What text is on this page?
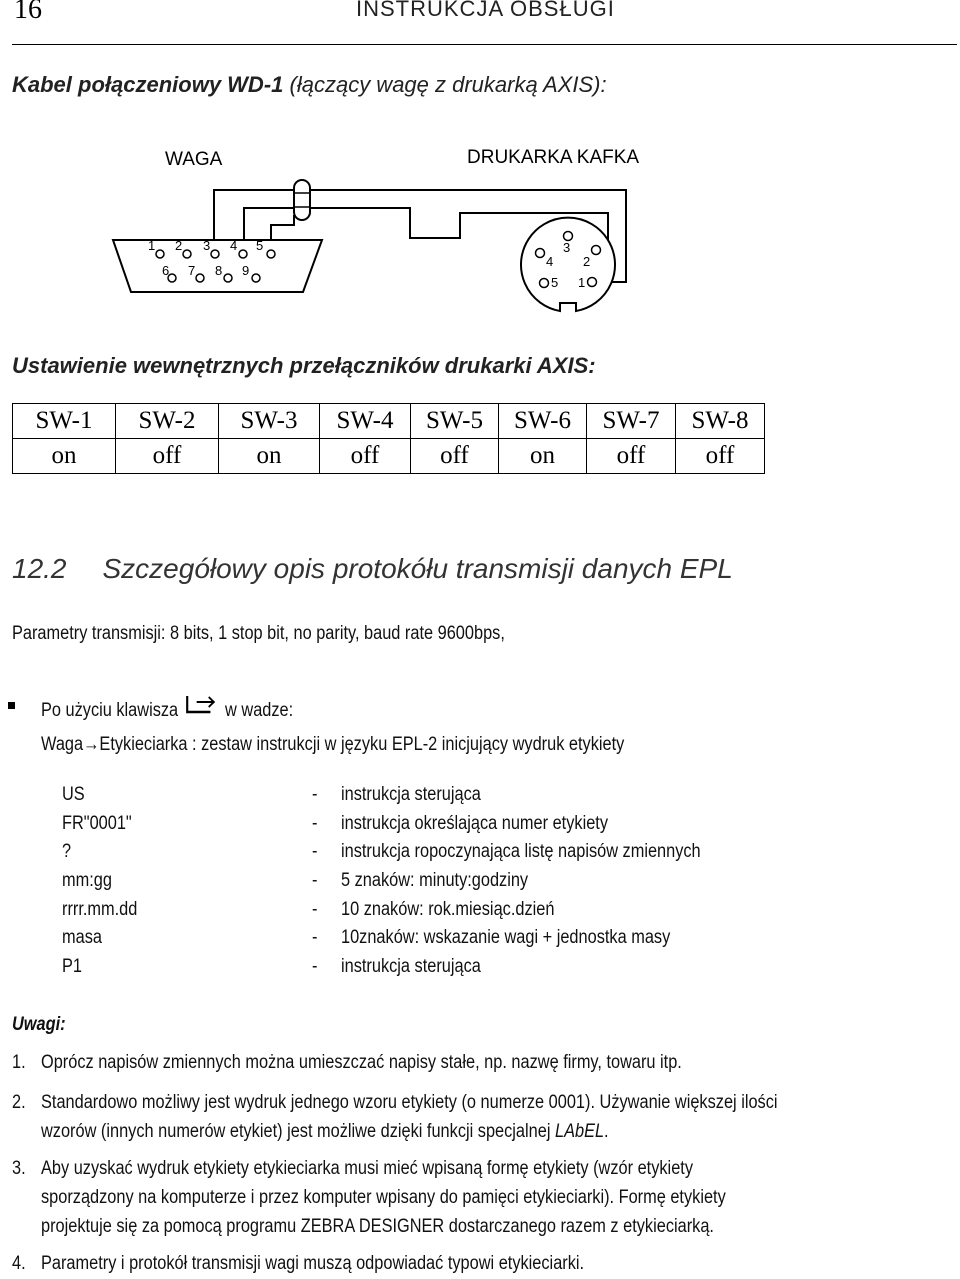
16	INSTRUKCJA OBSŁUGI
Kabel połączeniowy WD-1 (łączący wagę z drukarką AXIS):
WAGA	DRUKARKA KAFKA
1 2 3 4 5
6 7 8 9
3
4 2
5 1
Ustawienie wewnętrznych przełączników drukarki AXIS:
SW-1	SW-2	SW-3	SW-4	SW-5	SW-6	SW-7	SW-8
on	off	on	off	off	on	off	off
12.2 Szczegółowy opis protokółu transmisji danych EPL
Parametry transmisji: 8 bits, 1 stop bit, no parity, baud rate 9600bps,
Po użyciu klawisza w wadze:
Waga→Etykieciarka : zestaw instrukcji w języku EPL-2 inicjujący wydruk etykiety
US	- instrukcja sterująca
FR"0001"	- instrukcja określająca numer etykiety
?	- instrukcja ropoczynająca listę napisów zmiennych
mm:gg	- 5 znaków: minuty:godziny
rrrr.mm.dd	- 10 znaków: rok.miesiąc.dzień
masa	- 10znaków: wskazanie wagi + jednostka masy
P1	- instrukcja sterująca
Uwagi:
1. Oprócz napisów zmiennych można umieszczać napisy stałe, np. nazwę firmy, towaru itp.
2. Standardowo możliwy jest wydruk jednego wzoru etykiety (o numerze 0001). Używanie większej ilości
wzorów (innych numerów etykiet) jest możliwe dzięki funkcji specjalnej LAbEL.
3. Aby uzyskać wydruk etykiety etykieciarka musi mieć wpisaną formę etykiety (wzór etykiety
sporządzony na komputerze i przez komputer wpisany do pamięci etykieciarki). Formę etykiety
projektuje się za pomocą programu ZEBRA DESIGNER dostarczanego razem z etykieciarką.
4. Parametry i protokół transmisji wagi muszą odpowiadać typowi etykieciarki.
